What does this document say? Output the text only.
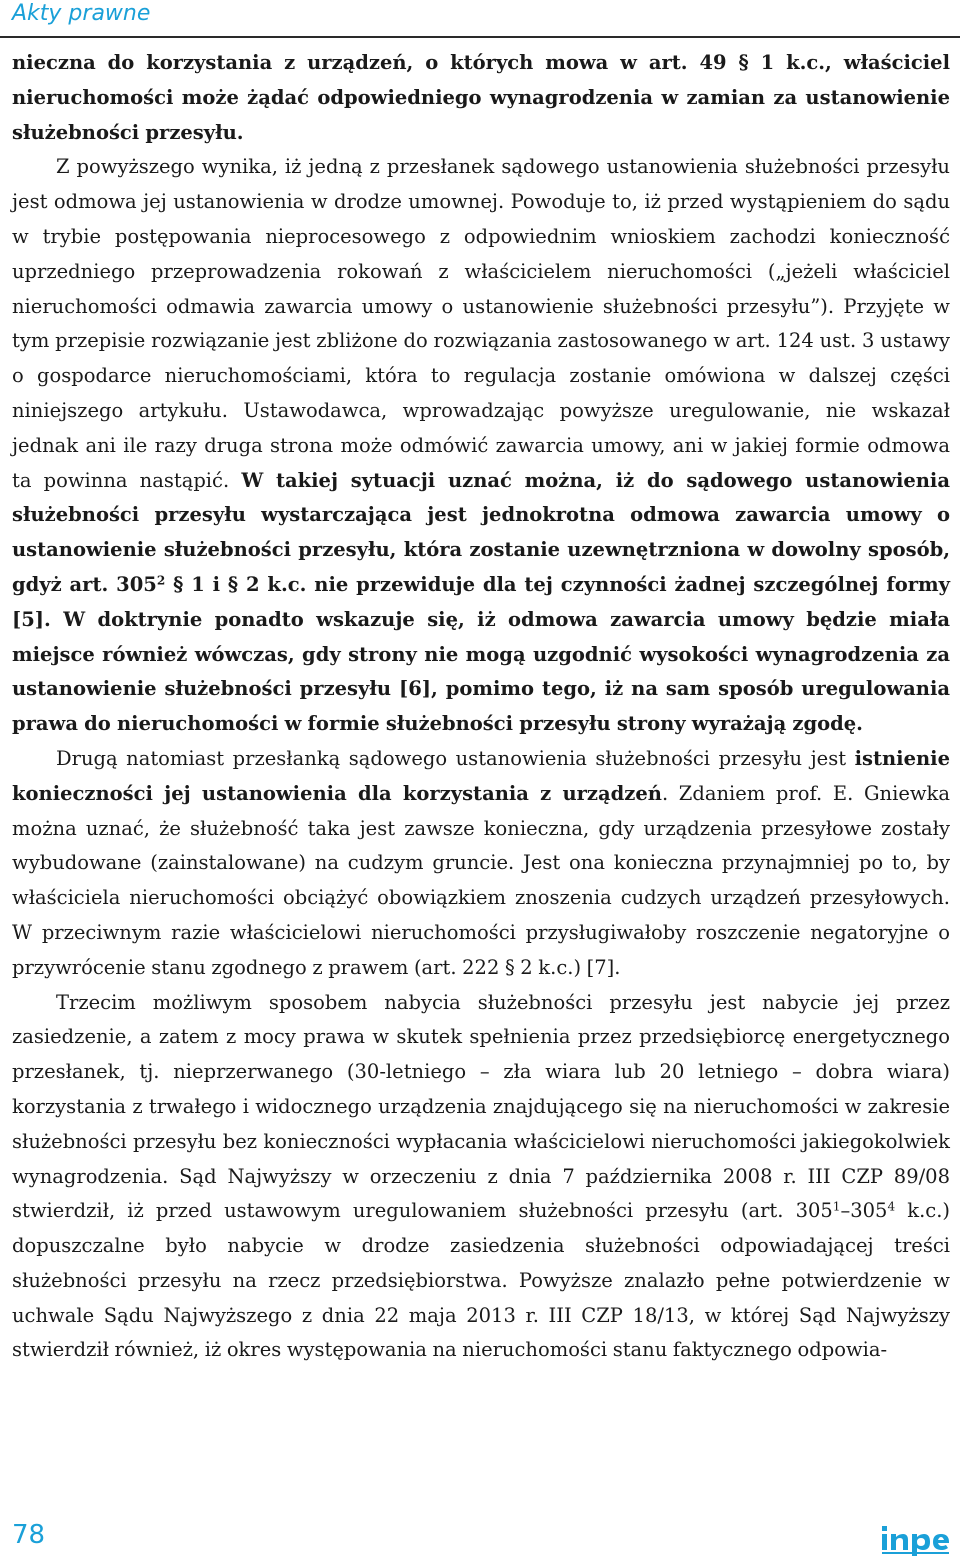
Akty prawne

nieczna do korzystania z urządzeń, o których mowa w art. 49 § 1 k.c., właściciel nieruchomości może żądać odpowiedniego wynagrodzenia w zamian za ustanowienie służebności przesyłu.

Z powyższego wynika, iż jedną z przesłanek sądowego ustanowienia służebności przesyłu jest odmowa jej ustanowienia w drodze umownej. Powoduje to, iż przed wystąpieniem do sądu w trybie postępowania nieprocesowego z odpowiednim wnioskiem zachodzi konieczność uprzedniego przeprowadzenia rokowań z właścicielem nieruchomości („jeżeli właściciel nieruchomości odmawia zawarcia umowy o ustanowienie służebności przesyłu”). Przyjęte w tym przepisie rozwiązanie jest zbliżone do rozwiązania zastosowanego w art. 124 ust. 3 ustawy o gospodarce nieruchomościami, która to regulacja zostanie omówiona w dalszej części niniejszego artykułu. Ustawodawca, wprowadzając powyższe uregulowanie, nie wskazał jednak ani ile razy druga strona może odmówić zawarcia umowy, ani w jakiej formie odmowa ta powinna nastąpić. W takiej sytuacji uznać można, iż do sądowego ustanowienia służebności przesyłu wystarczająca jest jednokrotna odmowa zawarcia umowy o ustanowienie służebności przesyłu, która zostanie uzewnętrzniona w dowolny sposób, gdyż art. $305^2$ § 1 i § 2 k.c. nie przewiduje dla tej czynności żadnej szczególnej formy [5]. W doktrynie ponadto wskazuje się, iż odmowa zawarcia umowy będzie miała miejsce również wówczas, gdy strony nie mogą uzgodnić wysokości wynagrodzenia za ustanowienie służebności przesyłu [6], pomimo tego, iż na sam sposób uregulowania prawa do nieruchomości w formie służebności przesyłu strony wyrażają zgodę.

Drugą natomiast przesłanką sądowego ustanowienia służebności przesyłu jest istnienie konieczności jej ustanowienia dla korzystania z urządzeń. Zdaniem prof. E. Gniewka można uznać, że służebność taka jest zawsze konieczna, gdy urządzenia przesyłowe zostały wybudowane (zainstalowane) na cudzym gruncie. Jest ona konieczna przynajmniej po to, by właściciela nieruchomości obciążyć obowiązkiem znoszenia cudzych urządzeń przesyłowych. W przeciwnym razie właścicielowi nieruchomości przysługiwałoby roszczenie negatoryjne o przywrócenie stanu zgodnego z prawem (art. 222 § 2 k.c.) [7].

Trzecim możliwym sposobem nabycia służebności przesyłu jest nabycie jej przez zasiedzenie, a zatem z mocy prawa w skutek spełnienia przez przedsiębiorcę energetycznego przesłanek, tj. nieprzerwanego (30-letniego – zła wiara lub 20 letniego – dobra wiara) korzystania z trwałego i widocznego urządzenia znajdującego się na nieruchomości w zakresie służebności przesyłu bez konieczności wypłacania właścicielowi nieruchomości jakiegokolwiek wynagrodzenia. Sąd Najwyższy w orzeczeniu z dnia 7 października 2008 r. III CZP 89/08 stwierdził, iż przed ustawowym uregulowaniem służebności przesyłu (art. $305^1-305^4$ k.c.) dopuszczalne było nabycie w drodze zasiedzenia służebności odpowiadającej treści służebności przesyłu na rzecz przedsiębiorstwa. Powyższe znalazło pełne potwierdzenie w uchwale Sądu Najwyższego z dnia 22 maja 2013 r. III CZP 18/13, w której Sąd Najwyższy stwierdził również, iż okres występowania na nieruchomości stanu faktycznego odpowia-

78
